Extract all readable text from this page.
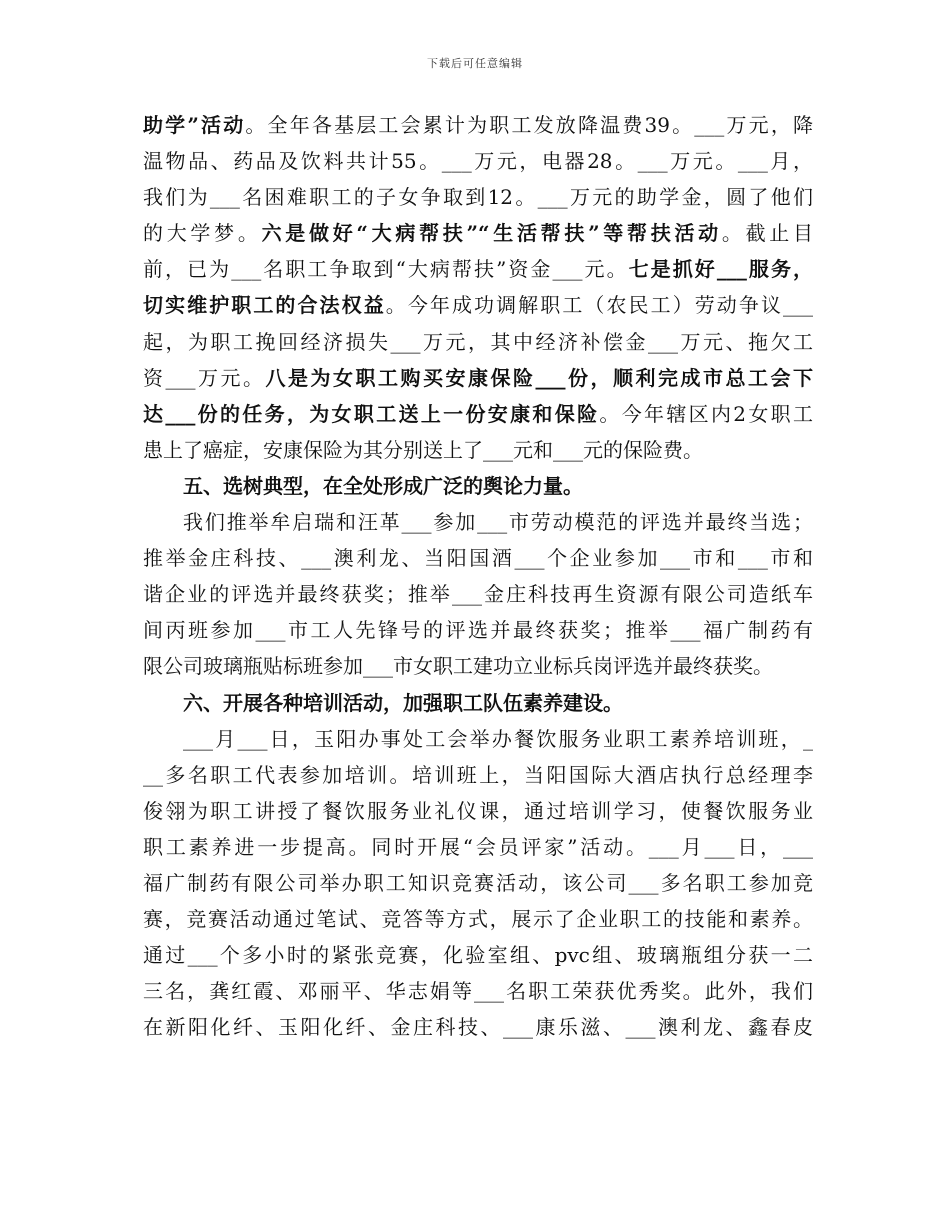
下载后可任意编辑
助学”活动。全年各基层工会累计为职工发放降温费39。___万元，降
温物品、药品及饮料共计55。___万元，电器28。___万元。___月，
我们为___名困难职工的子女争取到12。___万元的助学金，圆了他们
的大学梦。六是做好“大病帮扶”“生活帮扶”等帮扶活动。截止目
前，已为___名职工争取到“大病帮扶”资金___元。七是抓好___服务，
切实维护职工的合法权益。今年成功调解职工（农民工）劳动争议___
起，为职工挽回经济损失___万元，其中经济补偿金___万元、拖欠工
资___万元。八是为女职工购买安康保险___份，顺利完成市总工会下
达___份的任务，为女职工送上一份安康和保险。今年辖区内2女职工
患上了癌症，安康保险为其分别送上了___元和___元的保险费。
五、选树典型，在全处形成广泛的舆论力量。
我们推举牟启瑞和汪革___参加___市劳动模范的评选并最终当选；
推举金庄科技、___澳利龙、当阳国酒___个企业参加___市和___市和
谐企业的评选并最终获奖；推举___金庄科技再生资源有限公司造纸车
间丙班参加___市工人先锋号的评选并最终获奖；推举___福广制药有
限公司玻璃瓶贴标班参加___市女职工建功立业标兵岗评选并最终获奖。
六、开展各种培训活动，加强职工队伍素养建设。
___月___日，玉阳办事处工会举办餐饮服务业职工素养培训班，_
__多名职工代表参加培训。培训班上，当阳国际大酒店执行总经理李
俊翎为职工讲授了餐饮服务业礼仪课，通过培训学习，使餐饮服务业
职工素养进一步提高。同时开展“会员评家”活动。___月___日，___
福广制药有限公司举办职工知识竞赛活动，该公司___多名职工参加竞
赛，竞赛活动通过笔试、竞答等方式，展示了企业职工的技能和素养。
通过___个多小时的紧张竞赛，化验室组、pvc组、玻璃瓶组分获一二
三名，龚红霞、邓丽平、华志娟等___名职工荣获优秀奖。此外，我们
在新阳化纤、玉阳化纤、金庄科技、___康乐滋、___澳利龙、鑫春皮
